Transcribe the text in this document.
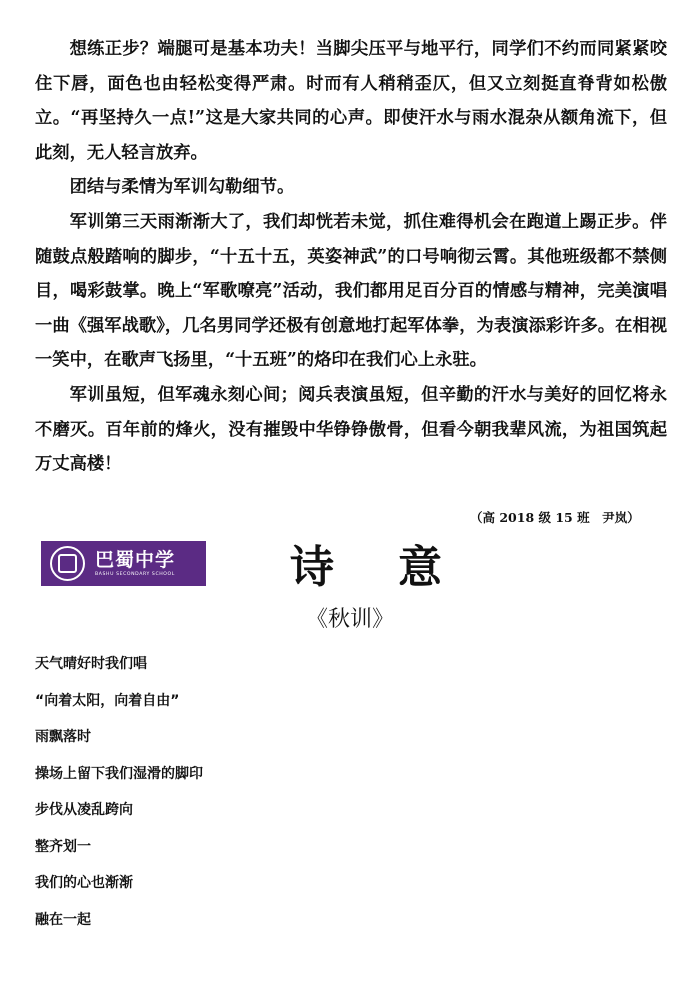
想练正步？端腿可是基本功夫！当脚尖压平与地平行，同学们不约而同紧紧咬住下唇，面色也由轻松变得严肃。时而有人稍稍歪仄，但又立刻挺直脊背如松傲立。“再坚持久一点!”这是大家共同的心声。即使汗水与雨水混杂从额角流下，但此刻，无人轻言放弃。

团结与柔情为军训勾勒细节。

军训第三天雨渐渐大了，我们却恍若未觉，抓住难得机会在跑道上踢正步。伴随鼓点般踏响的脚步，“十五十五，英姿神武”的口号响彻云霄。其他班级都不禁侧目，喝彩鼓掌。晚上“军歌嘹亮”活动，我们都用足百分百的情感与精神，完美演唱一曲《强军战歌》，几名男同学还极有创意地打起军体拳，为表演添彩许多。在相视一笑中，在歌声飞扬里，“十五班”的烙印在我们心上永驻。

军训虽短，但军魂永刻心间；阅兵表演虽短，但辛勤的汗水与美好的回忆将永不磨灭。百年前的烽火，没有摧毁中华铮铮傲骨，但看今朝我辈风流，为祖国筑起万丈高楼！

（高 2018 级 15 班　尹岚）
巴蜀中学
BASHU SECONDARY SCHOOL	诗意
《秋训》
天气晴好时我们唱
“向着太阳，向着自由”
雨飘落时
操场上留下我们湿滑的脚印
步伐从凌乱跨向
整齐划一
我们的心也渐渐
融在一起
